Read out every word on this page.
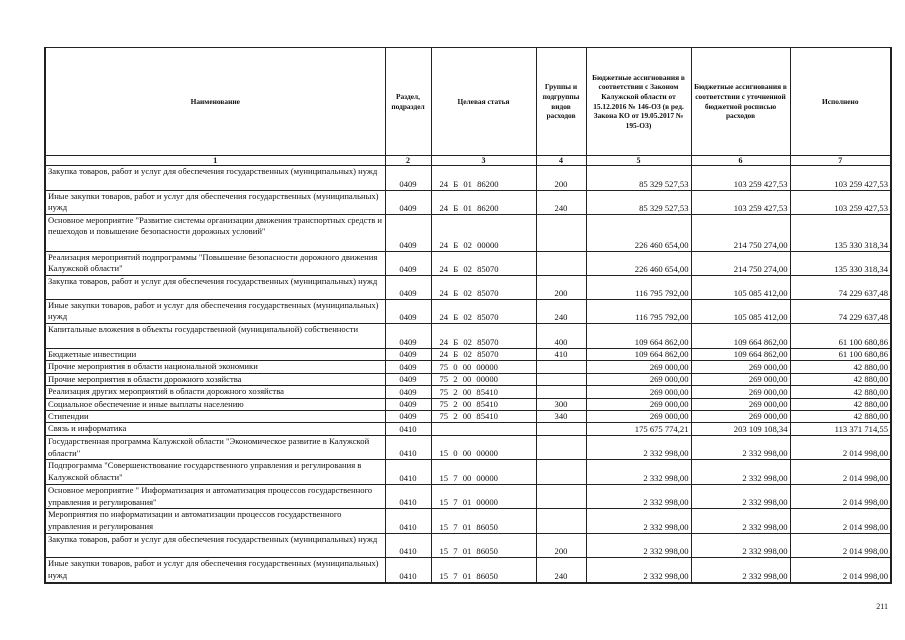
Наименование	Раздел, подраздел	Целевая статья	Группы и подгруппы видов расходов	Бюджетные ассигнования в соответствии с Законом Калужской области от 15.12.2016 № 146-ОЗ (в ред. Закона КО от 19.05.2017 № 195-ОЗ)	Бюджетные ассигнования в соответствии с уточненной бюджетной росписью расходов	Исполнено
1	2	3	4	5	6	7
Закупка товаров, работ и услуг для обеспечения государственных (муниципальных) нужд	0409	24 Б 01 86200	200	85 329 527,53	103 259 427,53	103 259 427,53
Иные закупки товаров, работ и услуг для обеспечения государственных (муниципальных) нужд	0409	24 Б 01 86200	240	85 329 527,53	103 259 427,53	103 259 427,53
Основное мероприятие "Развитие системы организации движения транспортных средств и пешеходов и повышение безопасности дорожных условий"	0409	24 Б 02 00000		226 460 654,00	214 750 274,00	135 330 318,34
Реализация мероприятий подпрограммы "Повышение безопасности дорожного движения Калужской области"	0409	24 Б 02 85070		226 460 654,00	214 750 274,00	135 330 318,34
Закупка товаров, работ и услуг для обеспечения государственных (муниципальных) нужд	0409	24 Б 02 85070	200	116 795 792,00	105 085 412,00	74 229 637,48
Иные закупки товаров, работ и услуг для обеспечения государственных (муниципальных) нужд	0409	24 Б 02 85070	240	116 795 792,00	105 085 412,00	74 229 637,48
Капитальные вложения в объекты государственной (муниципальной) собственности	0409	24 Б 02 85070	400	109 664 862,00	109 664 862,00	61 100 680,86
Бюджетные инвестиции	0409	24 Б 02 85070	410	109 664 862,00	109 664 862,00	61 100 680,86
Прочие мероприятия в области национальной экономики	0409	75 0 00 00000		269 000,00	269 000,00	42 880,00
Прочие мероприятия в области дорожного хозяйства	0409	75 2 00 00000		269 000,00	269 000,00	42 880,00
Реализация других мероприятий в области дорожного хозяйства	0409	75 2 00 85410		269 000,00	269 000,00	42 880,00
Социальное обеспечение и иные выплаты населению	0409	75 2 00 85410	300	269 000,00	269 000,00	42 880,00
Стипендии	0409	75 2 00 85410	340	269 000,00	269 000,00	42 880,00
Связь и информатика	0410			175 675 774,21	203 109 108,34	113 371 714,55
Государственная программа Калужской области "Экономическое развитие в Калужской области"	0410	15 0 00 00000		2 332 998,00	2 332 998,00	2 014 998,00
Подпрограмма "Совершенствование государственного управления и регулирования в Калужской области"	0410	15 7 00 00000		2 332 998,00	2 332 998,00	2 014 998,00
Основное мероприятие " Информатизация и автоматизация процессов государственного управления и регулирования"	0410	15 7 01 00000		2 332 998,00	2 332 998,00	2 014 998,00
Мероприятия по информатизации и автоматизации процессов государственного управления и регулирования	0410	15 7 01 86050		2 332 998,00	2 332 998,00	2 014 998,00
Закупка товаров, работ и услуг для обеспечения государственных (муниципальных) нужд	0410	15 7 01 86050	200	2 332 998,00	2 332 998,00	2 014 998,00
Иные закупки товаров, работ и услуг для обеспечения государственных (муниципальных) нужд	0410	15 7 01 86050	240	2 332 998,00	2 332 998,00	2 014 998,00
211
